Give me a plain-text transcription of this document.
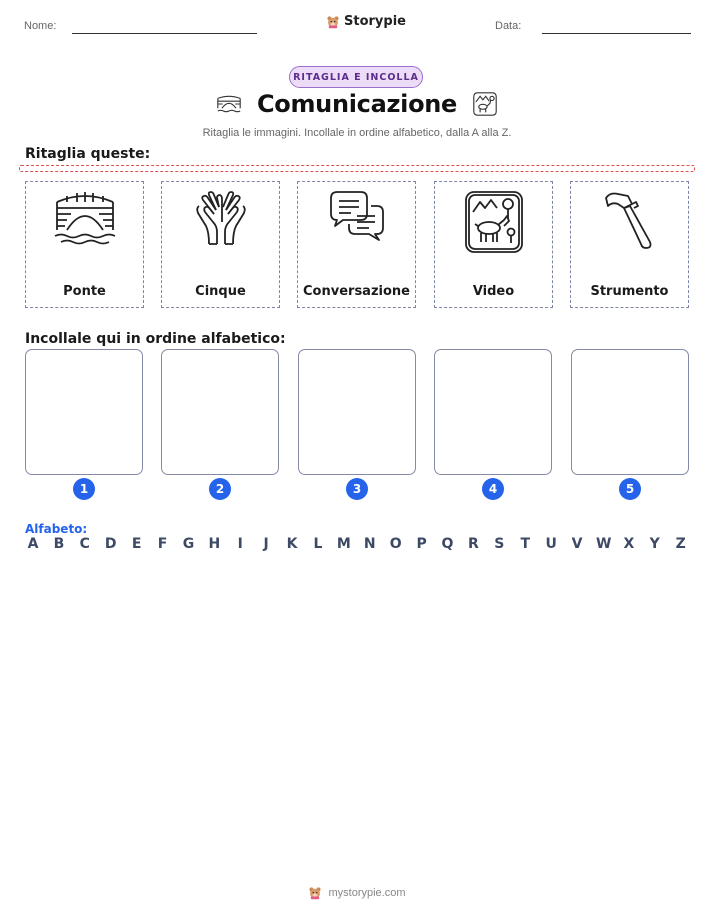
Nome:	Storypie	Data:
RITAGLIA E INCOLLA
Comunicazione
Ritaglia le immagini. Incollale in ordine alfabetico, dalla A alla Z.
Ritaglia queste:
Ponte	Cinque	Conversazione	Video	Strumento
Incollale qui in ordine alfabetico:
1	2	3	4	5
Alfabeto:
A B C D E F G H	I	J	K L M N O P Q R S T U V W X Y Z
mystorypie.com
